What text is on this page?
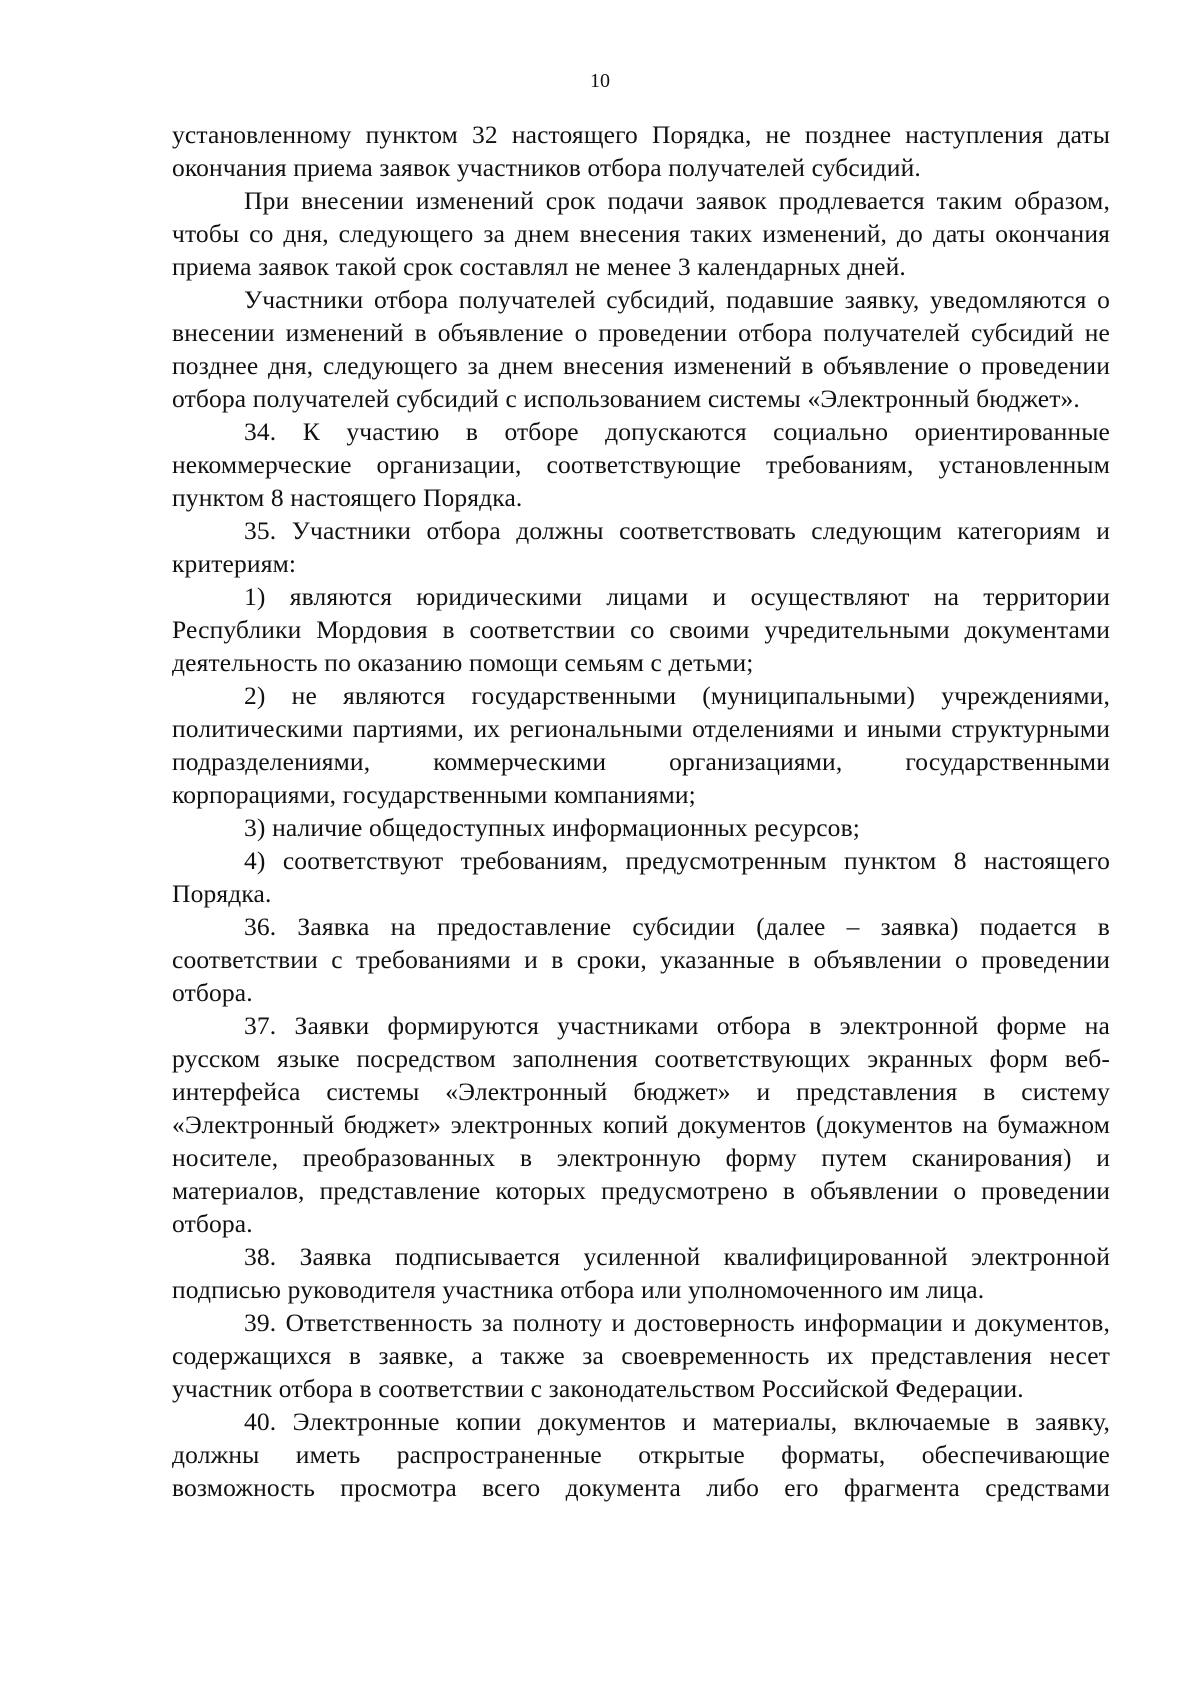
10

установленному пунктом 32 настоящего Порядка, не позднее наступления даты окончания приема заявок участников отбора получателей субсидий.

При внесении изменений срок подачи заявок продлевается таким образом, чтобы со дня, следующего за днем внесения таких изменений, до даты окончания приема заявок такой срок составлял не менее 3 календарных дней.

Участники отбора получателей субсидий, подавшие заявку, уведомляются о внесении изменений в объявление о проведении отбора получателей субсидий не позднее дня, следующего за днем внесения изменений в объявление о проведении отбора получателей субсидий с использованием системы «Электронный бюджет».

34. К участию в отборе допускаются социально ориентированные некоммерческие организации, соответствующие требованиям, установленным пунктом 8 настоящего Порядка.

35. Участники отбора должны соответствовать следующим категориям и критериям:

1) являются юридическими лицами и осуществляют на территории Республики Мордовия в соответствии со своими учредительными документами деятельность по оказанию помощи семьям с детьми;

2) не являются государственными (муниципальными) учреждениями, политическими партиями, их региональными отделениями и иными структурными подразделениями, коммерческими организациями, государственными корпорациями, государственными компаниями;

3) наличие общедоступных информационных ресурсов;

4) соответствуют требованиям, предусмотренным пунктом 8 настоящего Порядка.

36. Заявка на предоставление субсидии (далее – заявка) подается в соответствии с требованиями и в сроки, указанные в объявлении о проведении отбора.

37. Заявки формируются участниками отбора в электронной форме на русском языке посредством заполнения соответствующих экранных форм веб-интерфейса системы «Электронный бюджет» и представления в систему «Электронный бюджет» электронных копий документов (документов на бумажном носителе, преобразованных в электронную форму путем сканирования) и материалов, представление которых предусмотрено в объявлении о проведении отбора.

38. Заявка подписывается усиленной квалифицированной электронной подписью руководителя участника отбора или уполномоченного им лица.

39. Ответственность за полноту и достоверность информации и документов, содержащихся в заявке, а также за своевременность их представления несет участник отбора в соответствии с законодательством Российской Федерации.

40. Электронные копии документов и материалы, включаемые в заявку, должны иметь распространенные открытые форматы, обеспечивающие возможность просмотра всего документа либо его фрагмента средствами
